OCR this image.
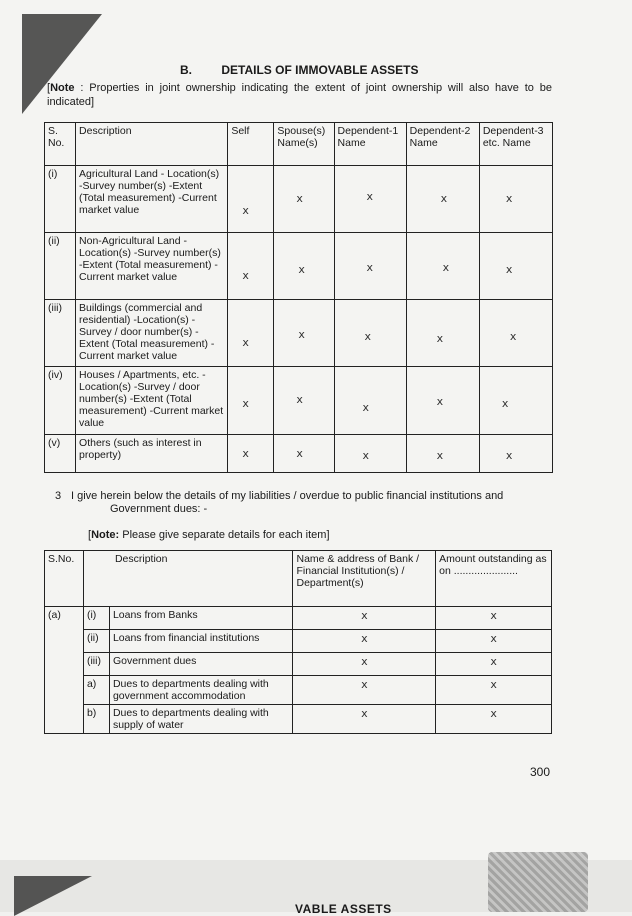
VABLE ASSETS
B. DETAILS OF IMMOVABLE ASSETS
[Note : Properties in joint ownership indicating the extent of joint ownership will also have to be indicated]
S. No.	Description	Self	Spouse(s) Name(s)	Dependent-1 Name	Dependent-2 Name	Dependent-3 etc. Name
(i)	Agricultural Land - Location(s) -Survey number(s) -Extent (Total measurement) -Current market value	x	x	x	x	x

(ii)	Non-Agricultural Land - Location(s) -Survey number(s) -Extent (Total measurement) -Current market value	x	x	x	x	x

(iii)	Buildings (commercial and residential) -Location(s) -Survey / door number(s) -Extent (Total measurement) -Current market value	x	x	x	x	x

(iv)	Houses / Apartments, etc. -Location(s) -Survey / door number(s) -Extent (Total measurement) -Current market value	x	x	x	x	x

(v)	Others (such as interest in property)	x	x	x	x	x
3 I give herein below the details of my liabilities / overdue to public financial institutions and
Government dues: -
[Note: Please give separate details for each item]
S.No.	Description		Name & address of Bank / Financial Institution(s) / Department(s)	Amount outstanding as on ......................
(a)	(i)	Loans from Banks	x	x
	(ii)	Loans from financial institutions	x	x
	(iii)	Government dues	x	x
	a)	Dues to departments dealing with government accommodation	x	x
	b)	Dues to departments dealing with supply of water	x	x
300
